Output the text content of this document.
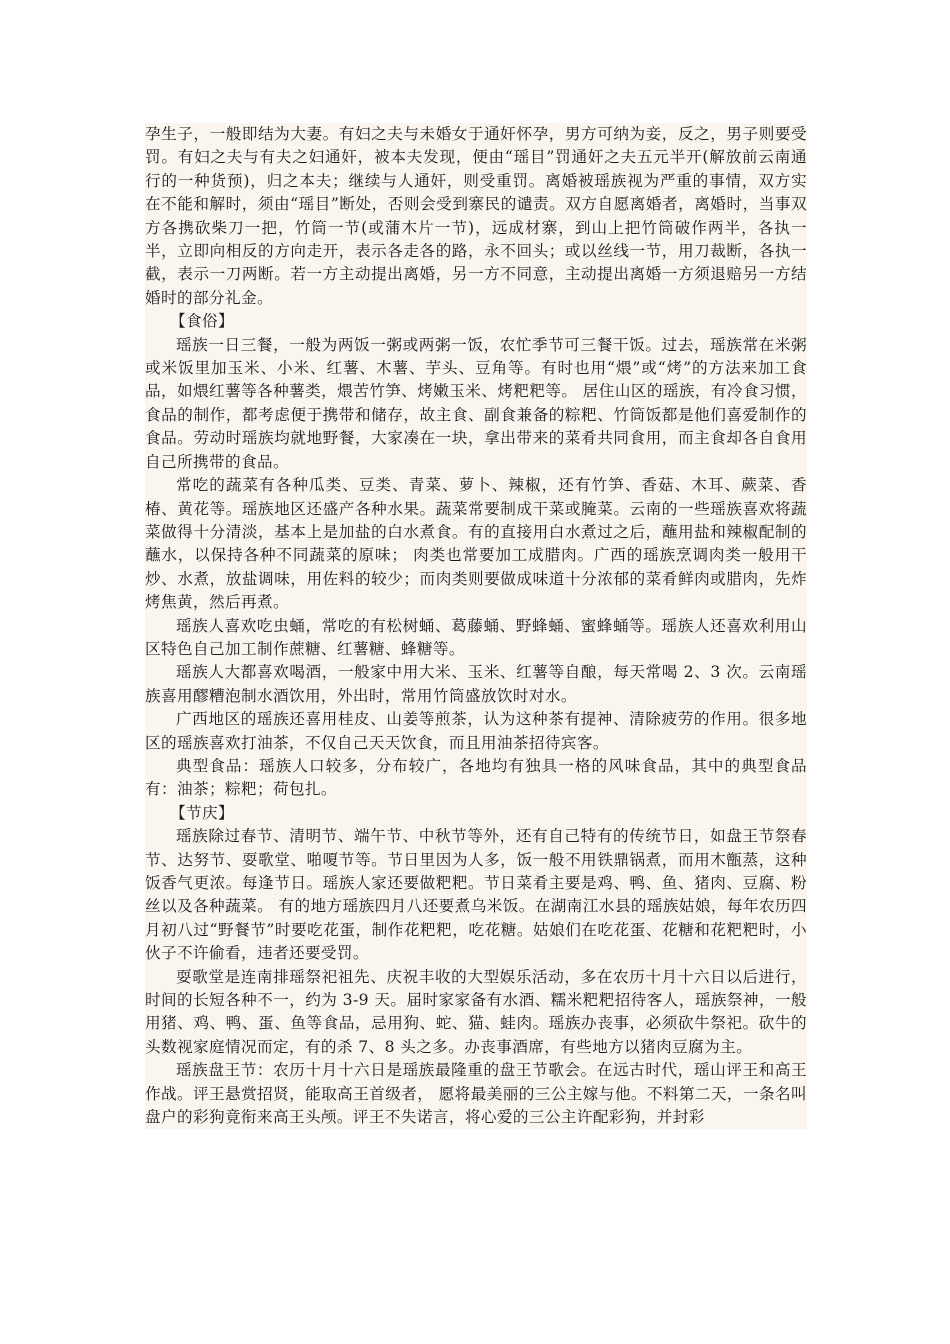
孕生子，一般即结为大妻。有妇之夫与未婚女于通奸怀孕，男方可纳为妾，反之，男子则要受罚。有妇之夫与有夫之妇通奸，被本夫发现，便由“瑶目”罚通奸之夫五元半开(解放前云南通行的一种货预)，归之本夫；继续与人通奸，则受重罚。离婚被瑶族视为严重的事情，双方实在不能和解时，须由“瑶目”断处，否则会受到寨民的谴责。双方自愿离婚者，离婚时，当事双方各携砍柴刀一把，竹筒一节(或蒲木片一节)，远成材寨，到山上把竹筒破作两半，各执一半，立即向相反的方向走开，表示各走各的路，永不回头；或以丝线一节，用刀裁断，各执一截，表示一刀两断。若一方主动提出离婚，另一方不同意，主动提出离婚一方须退赔另一方结婚时的部分礼金。

【食俗】

瑶族一日三餐，一般为两饭一粥或两粥一饭，农忙季节可三餐干饭。过去，瑶族常在米粥或米饭里加玉米、小米、红薯、木薯、芋头、豆角等。有时也用“煨”或“烤”的方法来加工食品，如煨红薯等各种薯类，煨苦竹笋、烤嫩玉米、烤粑粑等。 居住山区的瑶族，有冷食习惯，食品的制作，都考虑便于携带和储存，故主食、副食兼备的粽粑、竹筒饭都是他们喜爱制作的食品。劳动时瑶族均就地野餐，大家凑在一块，拿出带来的菜肴共同食用，而主食却各自食用自己所携带的食品。

常吃的蔬菜有各种瓜类、豆类、青菜、萝卜、辣椒，还有竹笋、香菇、木耳、蕨菜、香椿、黄花等。瑶族地区还盛产各种水果。蔬菜常要制成干菜或腌菜。云南的一些瑶族喜欢将蔬菜做得十分清淡，基本上是加盐的白水煮食。有的直接用白水煮过之后，蘸用盐和辣椒配制的蘸水，以保持各种不同蔬菜的原味； 肉类也常要加工成腊肉。广西的瑶族烹调肉类一般用干炒、水煮，放盐调味，用佐料的较少；而肉类则要做成味道十分浓郁的菜肴鲜肉或腊肉，先炸烤焦黄，然后再煮。

瑶族人喜欢吃虫蛹，常吃的有松树蛹、葛藤蛹、野蜂蛹、蜜蜂蛹等。瑶族人还喜欢利用山区特色自己加工制作蔗糖、红薯糖、蜂糖等。

瑶族人大都喜欢喝酒，一般家中用大米、玉米、红薯等自酿，每天常喝 2、3 次。云南瑶族喜用醪糟泡制水酒饮用，外出时，常用竹筒盛放饮时对水。

广西地区的瑶族还喜用桂皮、山姜等煎茶，认为这种茶有提神、清除疲劳的作用。很多地区的瑶族喜欢打油茶，不仅自己天天饮食，而且用油茶招待宾客。

典型食品：瑶族人口较多，分布较广，各地均有独具一格的风味食品，其中的典型食品有：油茶；粽粑；荷包扎。

【节庆】

瑶族除过春节、清明节、端午节、中秋节等外，还有自己特有的传统节日，如盘王节祭春节、达努节、耍歌堂、啪嗄节等。节日里因为人多，饭一般不用铁鼎锅煮，而用木甑蒸，这种饭香气更浓。每逢节日。瑶族人家还要做粑粑。节日菜肴主要是鸡、鸭、鱼、猪肉、豆腐、粉丝以及各种蔬菜。 有的地方瑶族四月八还要煮乌米饭。在湖南江水县的瑶族姑娘，每年农历四月初八过“野餐节”时要吃花蛋，制作花粑粑，吃花糖。姑娘们在吃花蛋、花糖和花粑粑时，小伙子不许偷看，违者还要受罚。

耍歌堂是连南排瑶祭祀祖先、庆祝丰收的大型娱乐活动，多在农历十月十六日以后进行，时间的长短各种不一，约为 3-9 天。届时家家备有水酒、糯米粑粑招待客人，瑶族祭神，一般用猪、鸡、鸭、蛋、鱼等食品，忌用狗、蛇、猫、蛙肉。瑶族办丧事，必须砍牛祭祀。砍牛的头数视家庭情况而定，有的杀 7、8 头之多。办丧事酒席，有些地方以猪肉豆腐为主。

瑶族盘王节：农历十月十六日是瑶族最隆重的盘王节歌会。在远古时代，瑶山评王和高王作战。评王悬赏招贤，能取高王首级者， 愿将最美丽的三公主嫁与他。不料第二天，一条名叫盘户的彩狗竟衔来高王头颅。评王不失诺言，将心爱的三公主许配彩狗，并封彩
